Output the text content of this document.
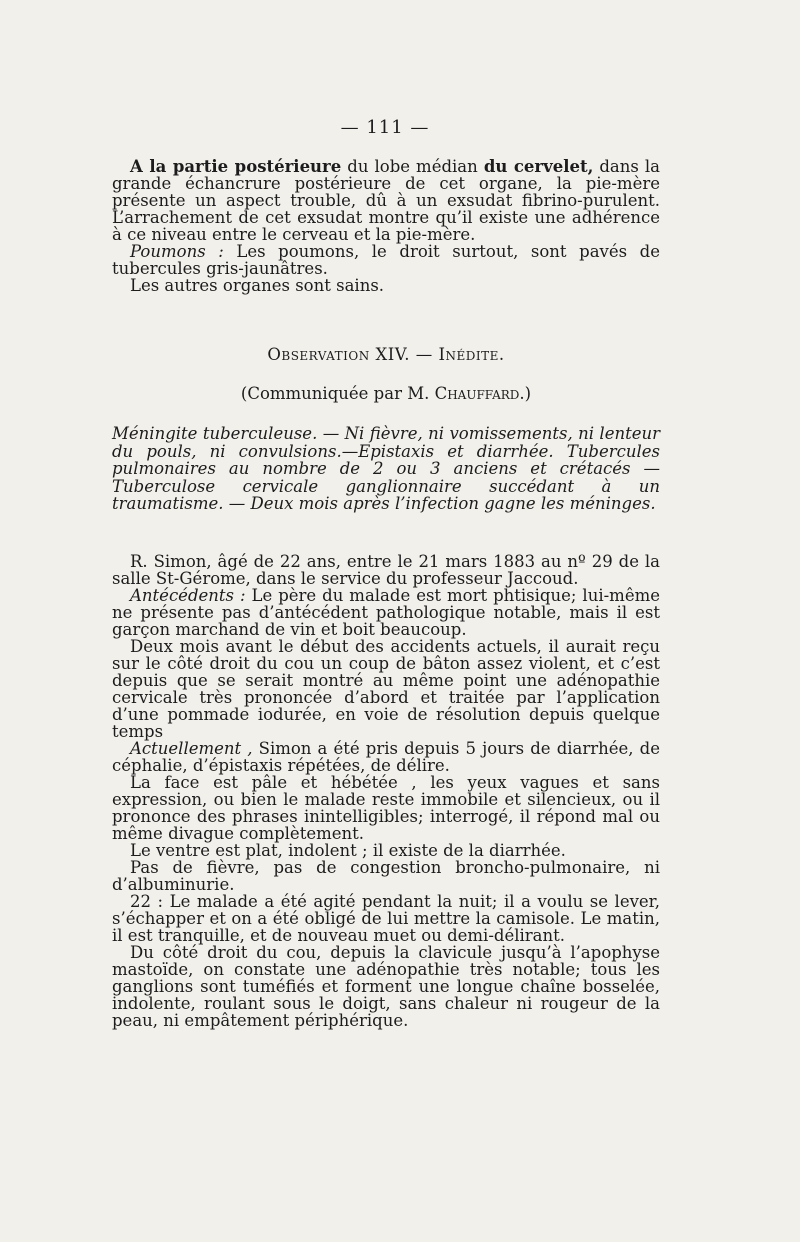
— 111 —

A la partie postérieure du lobe médian du cervelet, dans la grande échancrure postérieure de cet organe, la pie-mère présente un aspect trouble, dû à un exsudat fibrino-purulent. L’arrachement de cet exsudat montre qu’il existe une adhérence à ce niveau entre le cerveau et la pie-mère.

Poumons : Les poumons, le droit surtout, sont pavés de tubercules gris-jaunâtres.

Les autres organes sont sains.

Observation XIV. — Inédite.
(Communiquée par M. Chauffard.)

Méningite tuberculeuse. — Ni fièvre, ni vomissements, ni lenteur du pouls, ni convulsions.—Epistaxis et diarrhée. Tubercules pulmonaires au nombre de 2 ou 3 anciens et crétacés — Tuberculose cervicale ganglionnaire succédant à un traumatisme. — Deux mois après l’infection gagne les méninges.

R. Simon, âgé de 22 ans, entre le 21 mars 1883 au nº 29 de la salle St-Gérome, dans le service du professeur Jaccoud.

Antécédents : Le père du malade est mort phtisique; lui-même ne présente pas d’antécédent pathologique notable, mais il est garçon marchand de vin et boit beaucoup.

Deux mois avant le début des accidents actuels, il aurait reçu sur le côté droit du cou un coup de bâton assez violent, et c’est depuis que se serait montré au même point une adénopathie cervicale très prononcée d’abord et traitée par l’application d’une pommade iodurée, en voie de résolution depuis quelque temps

Actuellement , Simon a été pris depuis 5 jours de diarrhée, de céphalie, d’épistaxis répétées, de délire.

La face est pâle et hébétée , les yeux vagues et sans expression, ou bien le malade reste immobile et silencieux, ou il prononce des phrases inintelligibles; interrogé, il répond mal ou même divague complètement.

Le ventre est plat, indolent ; il existe de la diarrhée.

Pas de fièvre, pas de congestion broncho-pulmonaire, ni d’albuminurie.

22 : Le malade a été agité pendant la nuit; il a voulu se lever, s’échapper et on a été obligé de lui mettre la camisole. Le matin, il est tranquille, et de nouveau muet ou demi-délirant.

Du côté droit du cou, depuis la clavicule jusqu’à l’apophyse mastoïde, on constate une adénopathie très notable; tous les ganglions sont tuméfiés et forment une longue chaîne bosselée, indolente, roulant sous le doigt, sans chaleur ni rougeur de la peau, ni empâtement périphérique.
